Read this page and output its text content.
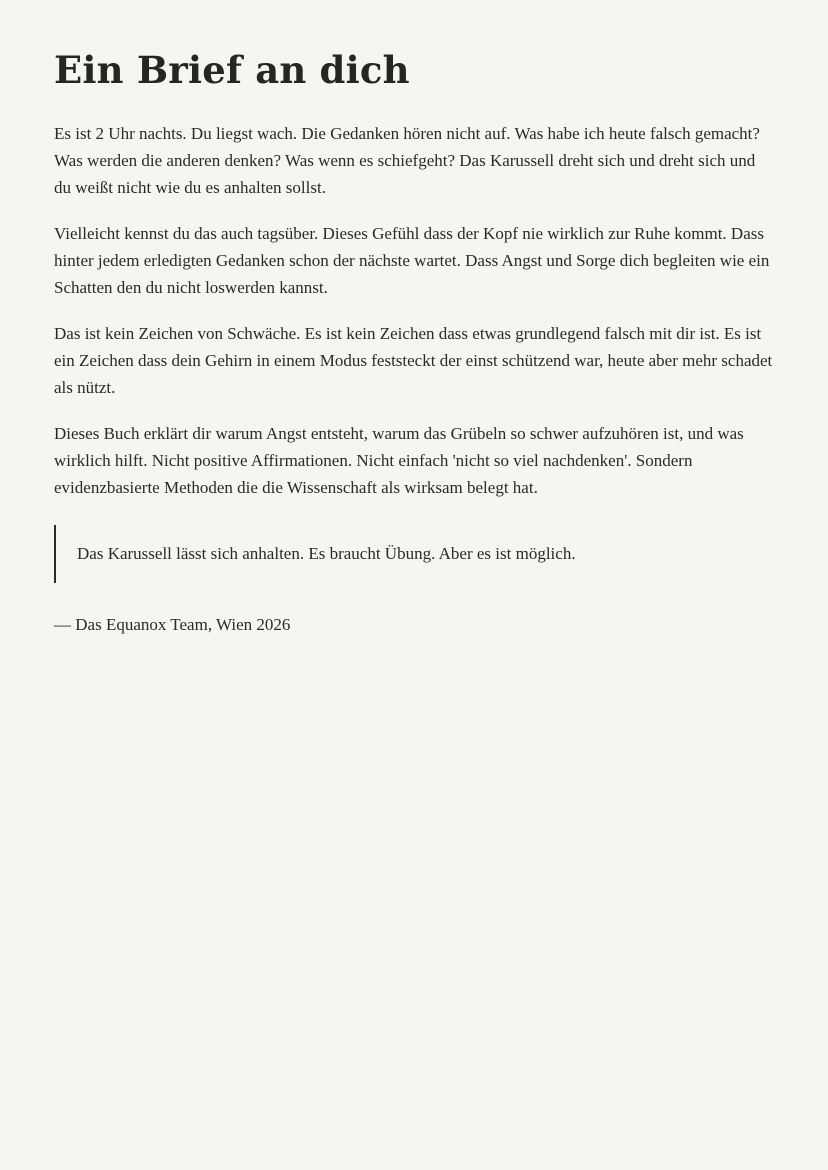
Ein Brief an dich

Es ist 2 Uhr nachts. Du liegst wach. Die Gedanken hören nicht auf. Was habe ich heute falsch gemacht? Was werden die anderen denken? Was wenn es schiefgeht? Das Karussell dreht sich und dreht sich und du weißt nicht wie du es anhalten sollst.

Vielleicht kennst du das auch tagsüber. Dieses Gefühl dass der Kopf nie wirklich zur Ruhe kommt. Dass hinter jedem erledigten Gedanken schon der nächste wartet. Dass Angst und Sorge dich begleiten wie ein Schatten den du nicht loswerden kannst.

Das ist kein Zeichen von Schwäche. Es ist kein Zeichen dass etwas grundlegend falsch mit dir ist. Es ist ein Zeichen dass dein Gehirn in einem Modus feststeckt der einst schützend war, heute aber mehr schadet als nützt.

Dieses Buch erklärt dir warum Angst entsteht, warum das Grübeln so schwer aufzuhören ist, und was wirklich hilft. Nicht positive Affirmationen. Nicht einfach 'nicht so viel nachdenken'. Sondern evidenzbasierte Methoden die die Wissenschaft als wirksam belegt hat.

Das Karussell lässt sich anhalten. Es braucht Übung. Aber es ist möglich.

— Das Equanox Team, Wien 2026
